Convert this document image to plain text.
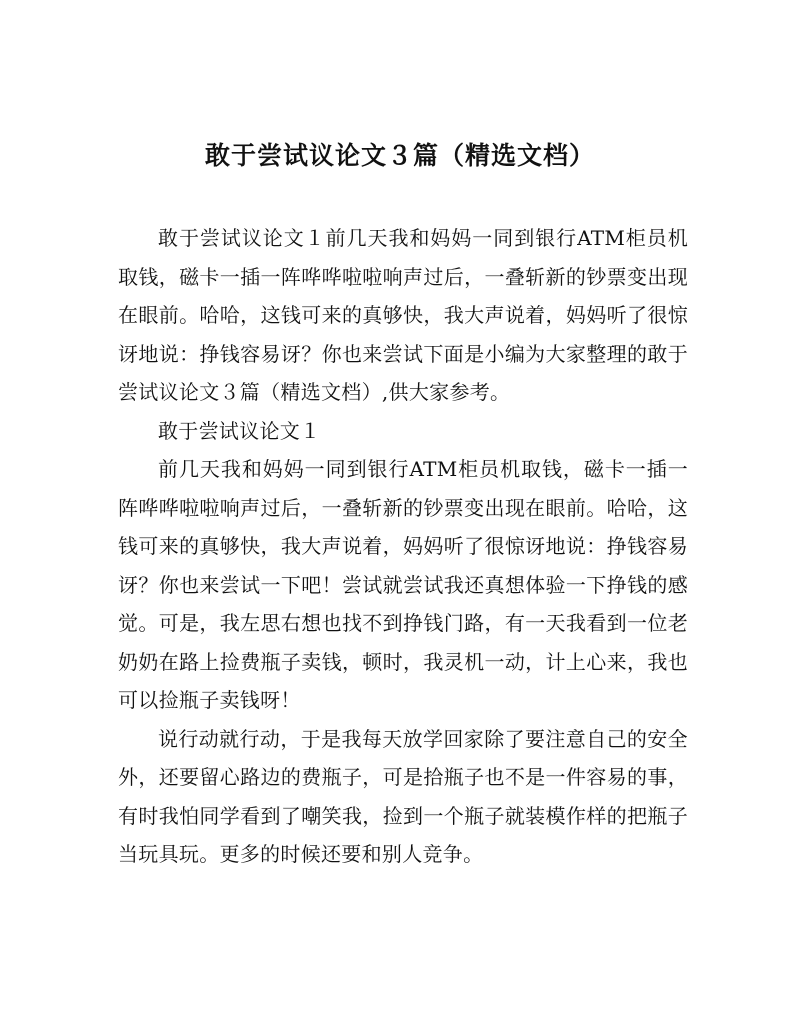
敢于尝试议论文３篇（精选文档）

敢于尝试议论文１前几天我和妈妈一同到银行ATM柜员机取钱，磁卡一插一阵哗哗啦啦响声过后，一叠斩新的钞票变出现在眼前。哈哈，这钱可来的真够快，我大声说着，妈妈听了很惊讶地说：挣钱容易讶？你也来尝试下面是小编为大家整理的敢于尝试议论文３篇（精选文档）,供大家参考。

敢于尝试议论文１

前几天我和妈妈一同到银行ATM柜员机取钱，磁卡一插一阵哗哗啦啦响声过后，一叠斩新的钞票变出现在眼前。哈哈，这钱可来的真够快，我大声说着，妈妈听了很惊讶地说：挣钱容易讶？你也来尝试一下吧！尝试就尝试我还真想体验一下挣钱的感觉。可是，我左思右想也找不到挣钱门路，有一天我看到一位老奶奶在路上捡费瓶子卖钱，顿时，我灵机一动，计上心来，我也可以捡瓶子卖钱呀！

说行动就行动，于是我每天放学回家除了要注意自己的安全外，还要留心路边的费瓶子，可是拾瓶子也不是一件容易的事，有时我怕同学看到了嘲笑我，捡到一个瓶子就装模作样的把瓶子当玩具玩。更多的时候还要和别人竞争。
